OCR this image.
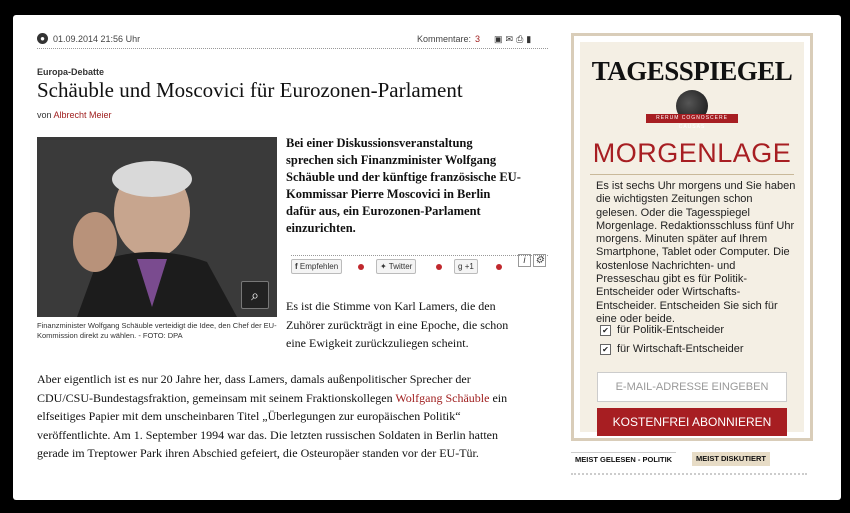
● 01.09.2014 21:56 Uhr	Kommentare: 3 ▣✉⎙▮
Europa-Debatte
Schäuble und Moscovici für Eurozonen-Parlament
von Albrecht Meier
⌕
Finanzminister Wolfgang Schäuble verteidigt die Idee, den Chef der EU-Kommission direkt zu wählen. - FOTO: DPA
Bei einer Diskussionsveranstaltung sprechen sich Finanzminister Wolfgang Schäuble und der künftige französische EU-Kommissar Pierre Moscovici in Berlin dafür aus, ein Eurozonen-Parlament einzurichten.
f Empfehlen	✦ Twitter	g +1
i ⚙
Es ist die Stimme von Karl Lamers, die den Zuhörer zurückträgt in eine Epoche, die schon eine Ewigkeit zurückzuliegen scheint.
Aber eigentlich ist es nur 20 Jahre her, dass Lamers, damals außenpolitischer Sprecher der CDU/CSU-Bundestagsfraktion, gemeinsam mit seinem Fraktionskollegen Wolfgang Schäuble ein elfseitiges Papier mit dem unscheinbaren Titel „Überlegungen zur europäischen Politik“ veröffentlichte. Am 1. September 1994 war das. Die letzten russischen Soldaten in Berlin hatten gerade im Treptower Park ihren Abschied gefeiert, die Osteuropäer standen vor der EU-Tür.
TAGESSPIEGEL
RERUM COGNOSCERE CAUSAS
MORGENLAGE
Es ist sechs Uhr morgens und Sie haben die wichtigsten Zeitungen schon gelesen. Oder die Tagesspiegel Morgenlage. Redaktionsschluss fünf Uhr morgens. Minuten später auf Ihrem Smartphone, Tablet oder Computer. Die kostenlose Nachrichten- und Presseschau gibt es für Politik-Entscheider oder Wirtschafts-Entscheider. Entscheiden Sie sich für eine oder beide.
✔ für Politik-Entscheider
✔ für Wirtschaft-Entscheider
E-MAIL-ADRESSE EINGEBEN
KOSTENFREI ABONNIEREN
MEIST GELESEN - POLITIK	MEIST DISKUTIERT
